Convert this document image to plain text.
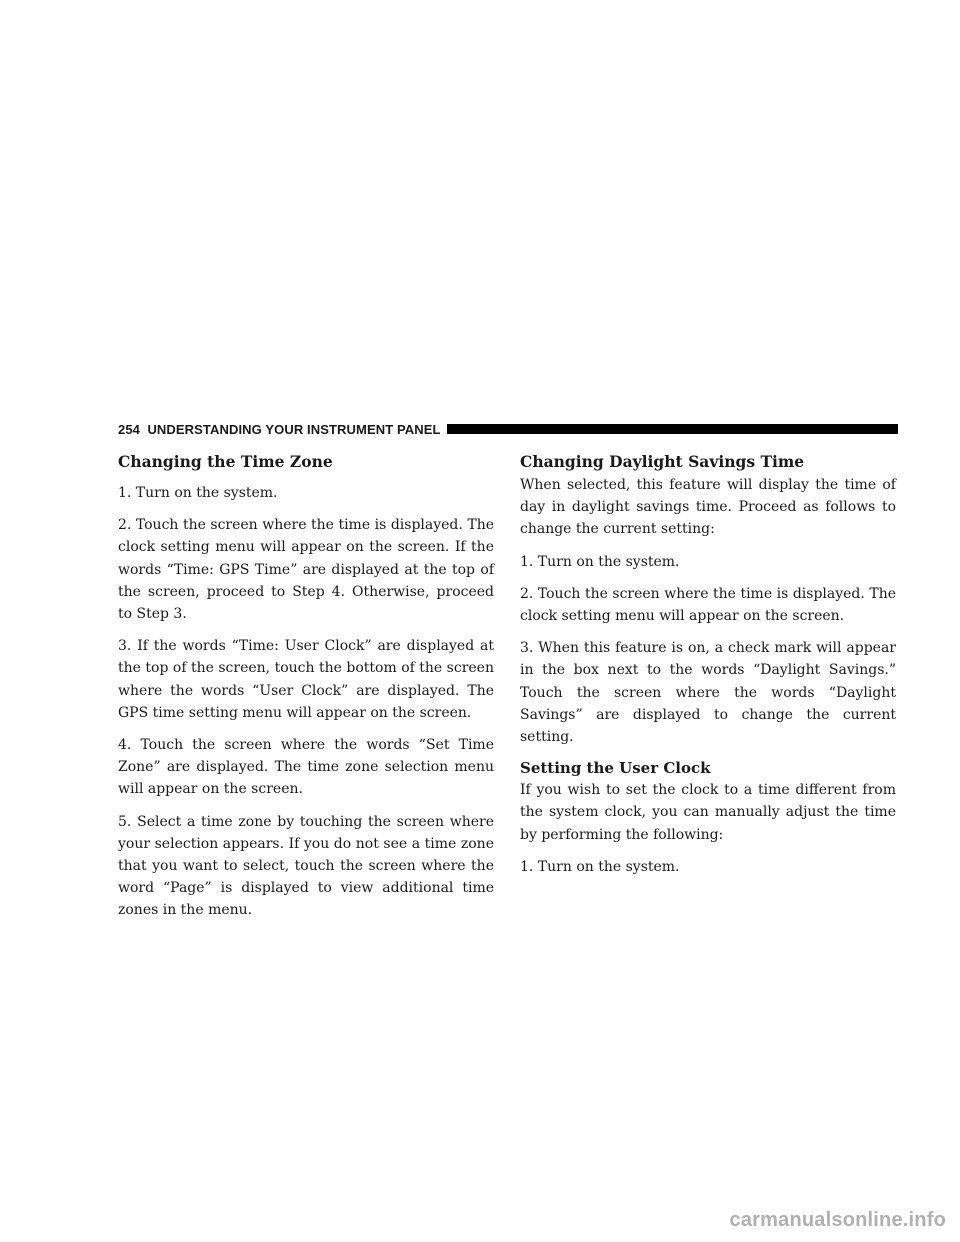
254 UNDERSTANDING YOUR INSTRUMENT PANEL
Changing the Time Zone

1. Turn on the system.

2. Touch the screen where the time is displayed. The clock setting menu will appear on the screen. If the words “Time: GPS Time” are displayed at the top of the screen, proceed to Step 4. Otherwise, proceed to Step 3.

3. If the words “Time: User Clock” are displayed at the top of the screen, touch the bottom of the screen where the words “User Clock” are displayed. The GPS time setting menu will appear on the screen.

4. Touch the screen where the words “Set Time Zone” are displayed. The time zone selection menu will appear on the screen.

5. Select a time zone by touching the screen where your selection appears. If you do not see a time zone that you want to select, touch the screen where the word “Page” is displayed to view additional time zones in the menu.

Changing Daylight Savings Time

When selected, this feature will display the time of day in daylight savings time. Proceed as follows to change the current setting:

1. Turn on the system.

2. Touch the screen where the time is displayed. The clock setting menu will appear on the screen.

3. When this feature is on, a check mark will appear in the box next to the words “Daylight Savings.” Touch the screen where the words “Daylight Savings” are displayed to change the current setting.

Setting the User Clock

If you wish to set the clock to a time different from the system clock, you can manually adjust the time by performing the following:

1. Turn on the system.

carmanualsonline.info
